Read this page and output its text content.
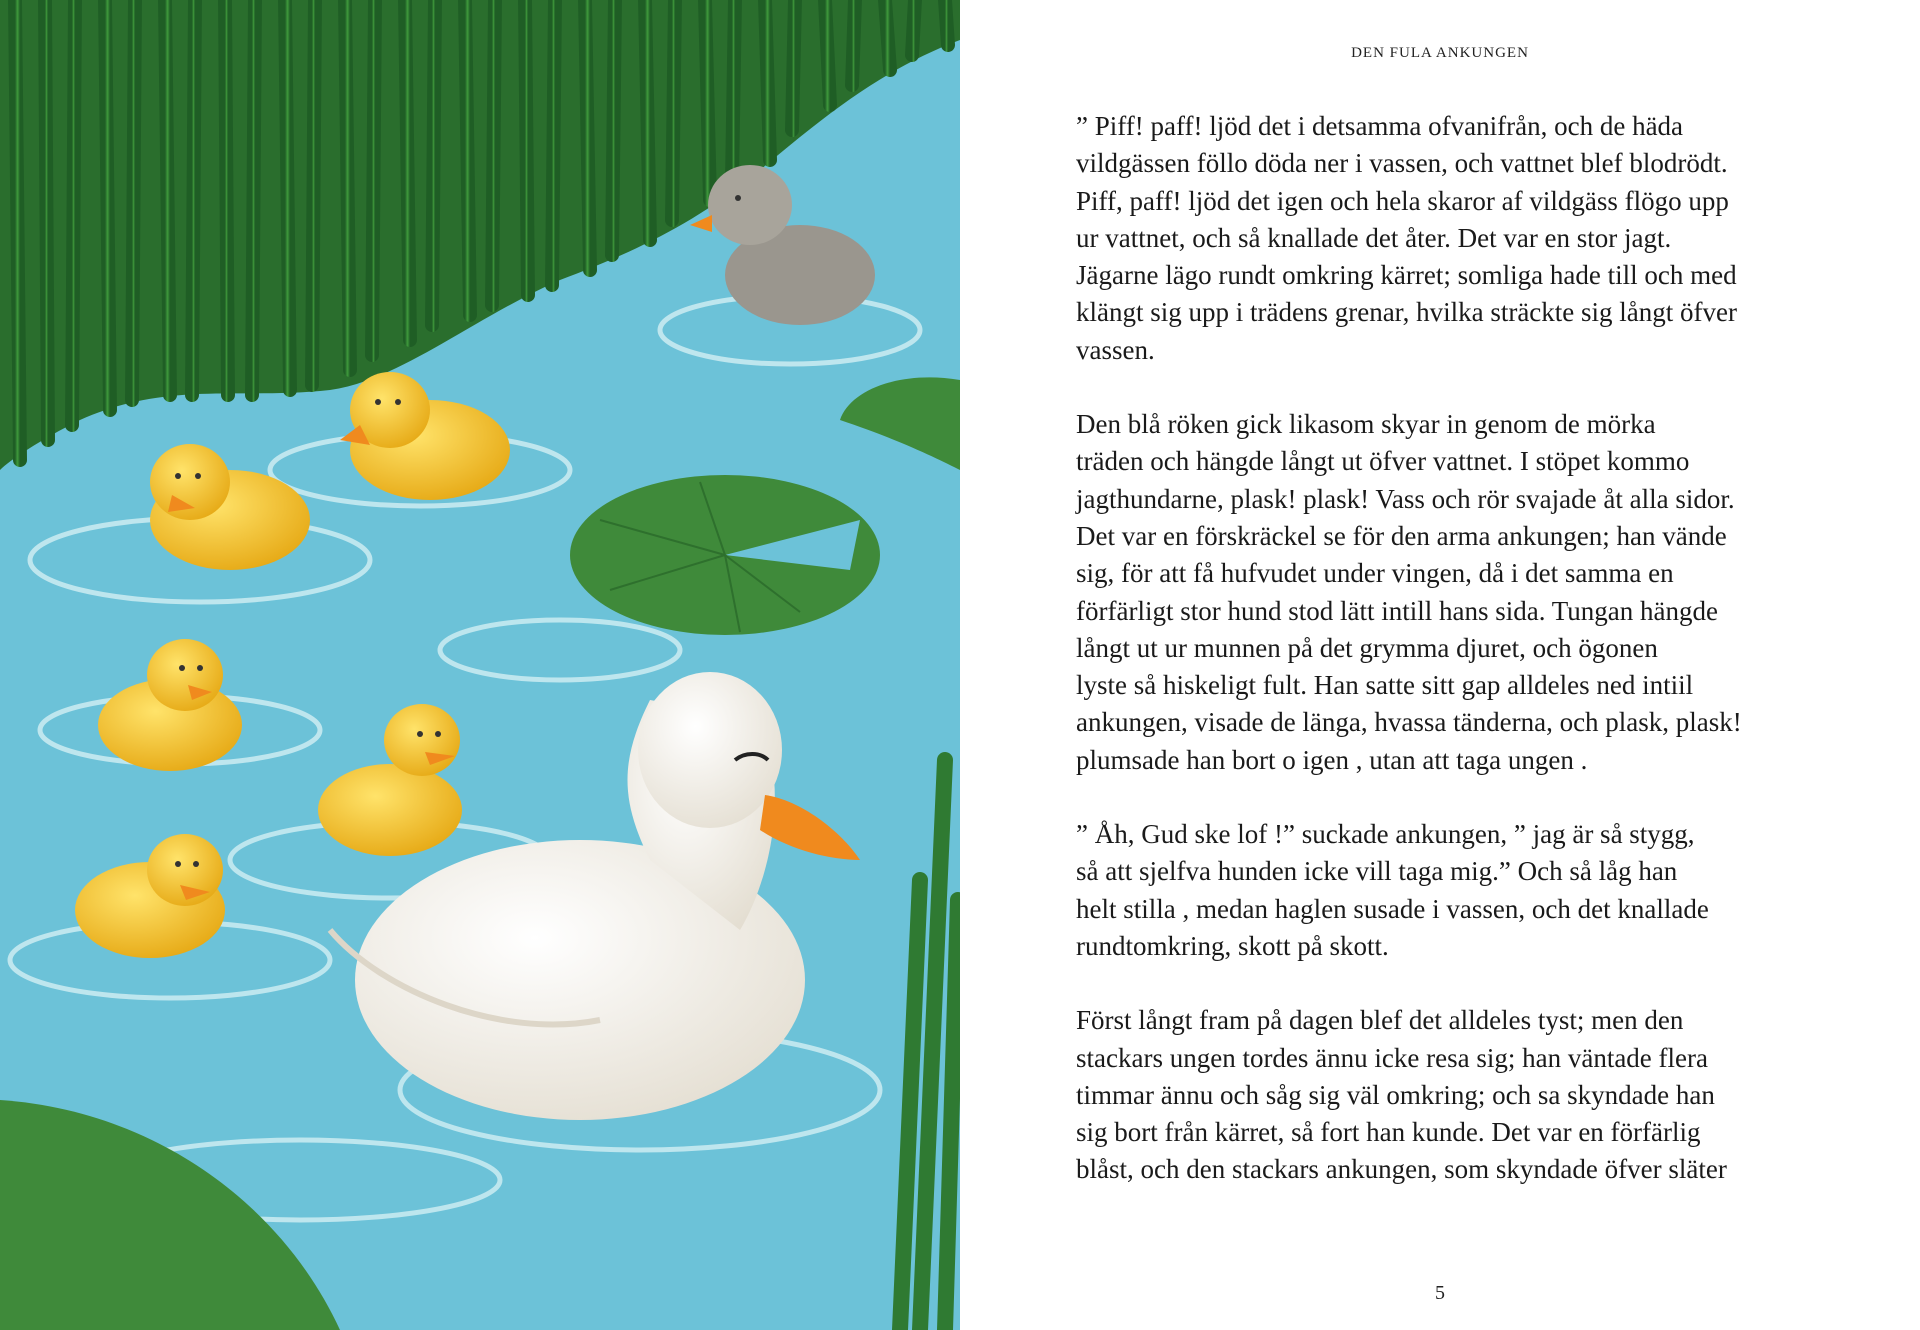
DEN FULA ANKUNGEN

” Piff! paff! ljöd det i detsamma ofvanifrån, och de häda
vildgässen föllo döda ner i vassen, och vattnet blef blodrödt.
Piff, paff! ljöd det igen och hela skaror af vildgäss flögo upp
ur vattnet, och så knallade det åter. Det var en stor jagt.
Jägarne lägo rundt omkring kärret; somliga hade till och med
klängt sig upp i trädens grenar, hvilka sträckte sig långt öfver
vassen.

Den blå röken gick likasom skyar in genom de mörka
träden och hängde långt ut öfver vattnet. I stöpet kommo
jagthundarne, plask! plask! Vass och rör svajade åt alla sidor.
Det var en förskräckel se för den arma ankungen; han vände
sig, för att få hufvudet under vingen, då i det samma en
förfärligt stor hund stod lätt intill hans sida. Tungan hängde
långt ut ur munnen på det grymma djuret, och ögonen
lyste så hiskeligt fult. Han satte sitt gap alldeles ned intiil
ankungen, visade de länga, hvassa tänderna, och plask, plask!
plumsade han bort o igen , utan att taga ungen .

” Åh, Gud ske lof !” suckade ankungen, ” jag är så stygg,
så att sjelfva hunden icke vill taga mig.” Och så låg han
helt stilla , medan haglen susade i vassen, och det knallade
rundtomkring, skott på skott.

Först långt fram på dagen blef det alldeles tyst; men den
stackars ungen tordes ännu icke resa sig; han väntade flera
timmar ännu och såg sig väl omkring; och sa skyndade han
sig bort från kärret, så fort han kunde. Det var en förfärlig
blåst, och den stackars ankungen, som skyndade öfver släter

5
